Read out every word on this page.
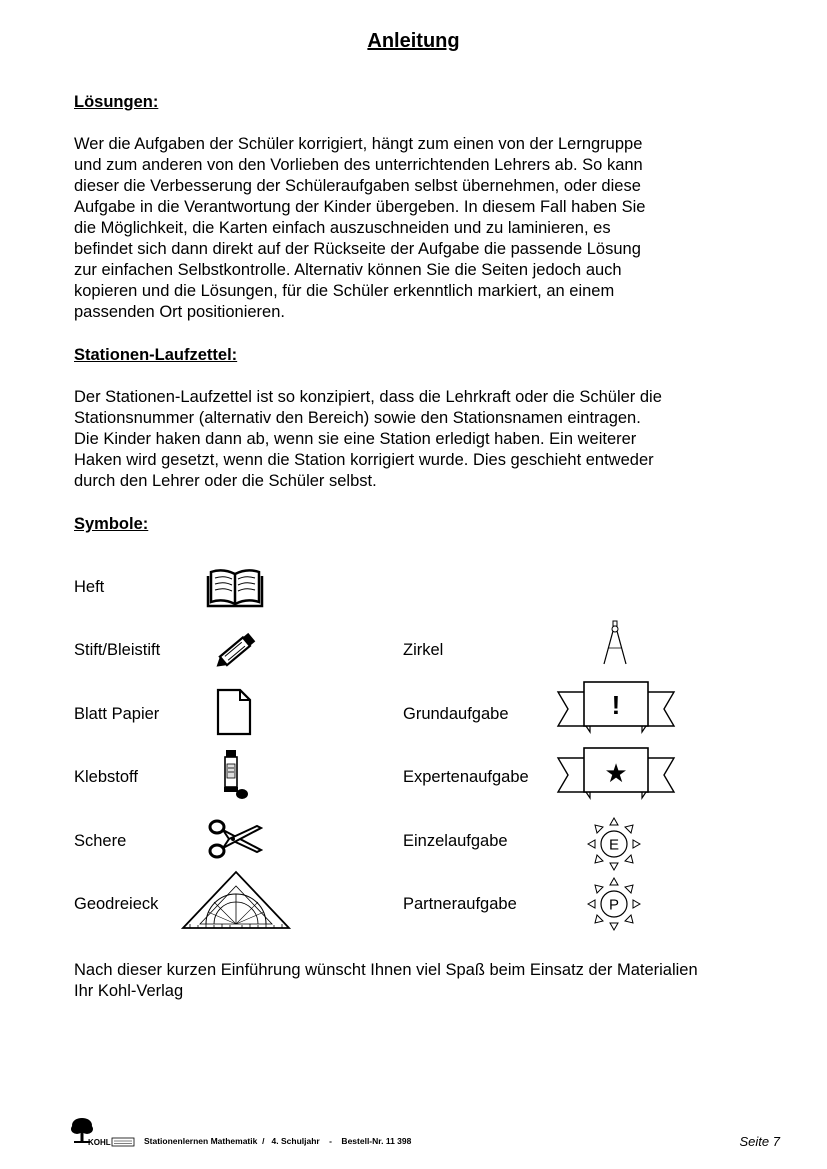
Anleitung
Lösungen:
Wer die Aufgaben der Schüler korrigiert, hängt zum einen von der Lerngruppe
und zum anderen von den Vorlieben des unterrichtenden Lehrers ab. So kann
dieser die Verbesserung der Schüleraufgaben selbst übernehmen, oder diese
Aufgabe in die Verantwortung der Kinder übergeben. In diesem Fall haben Sie
die Möglichkeit, die Karten einfach auszuschneiden und zu laminieren, es
befindet sich dann direkt auf der Rückseite der Aufgabe die passende Lösung
zur einfachen Selbstkontrolle. Alternativ können Sie die Seiten jedoch auch
kopieren und die Lösungen, für die Schüler erkenntlich markiert, an einem
passenden Ort positionieren.
Stationen-Laufzettel:
Der Stationen-Laufzettel ist so konzipiert, dass die Lehrkraft oder die Schüler die
Stationsnummer (alternativ den Bereich) sowie den Stationsnamen eintragen.
Die Kinder haken dann ab, wenn sie eine Station erledigt haben. Ein weiterer
Haken wird gesetzt, wenn die Station korrigiert wurde. Dies geschieht entweder
durch den Lehrer oder die Schüler selbst.
Symbole:
Heft
Stift/Bleistift
Blatt Papier
Klebstoff
Schere
Geodreieck
Zirkel
Grundaufgabe
Expertenaufgabe
Einzelaufgabe
Partneraufgabe
!
★
E
P
Nach dieser kurzen Einführung wünscht Ihnen viel Spaß beim Einsatz der Materialien
Ihr Kohl-Verlag
KOHL	Stationenlernen Mathematik  /   4. Schuljahr    -    Bestell-Nr. 11 398	Seite 7
